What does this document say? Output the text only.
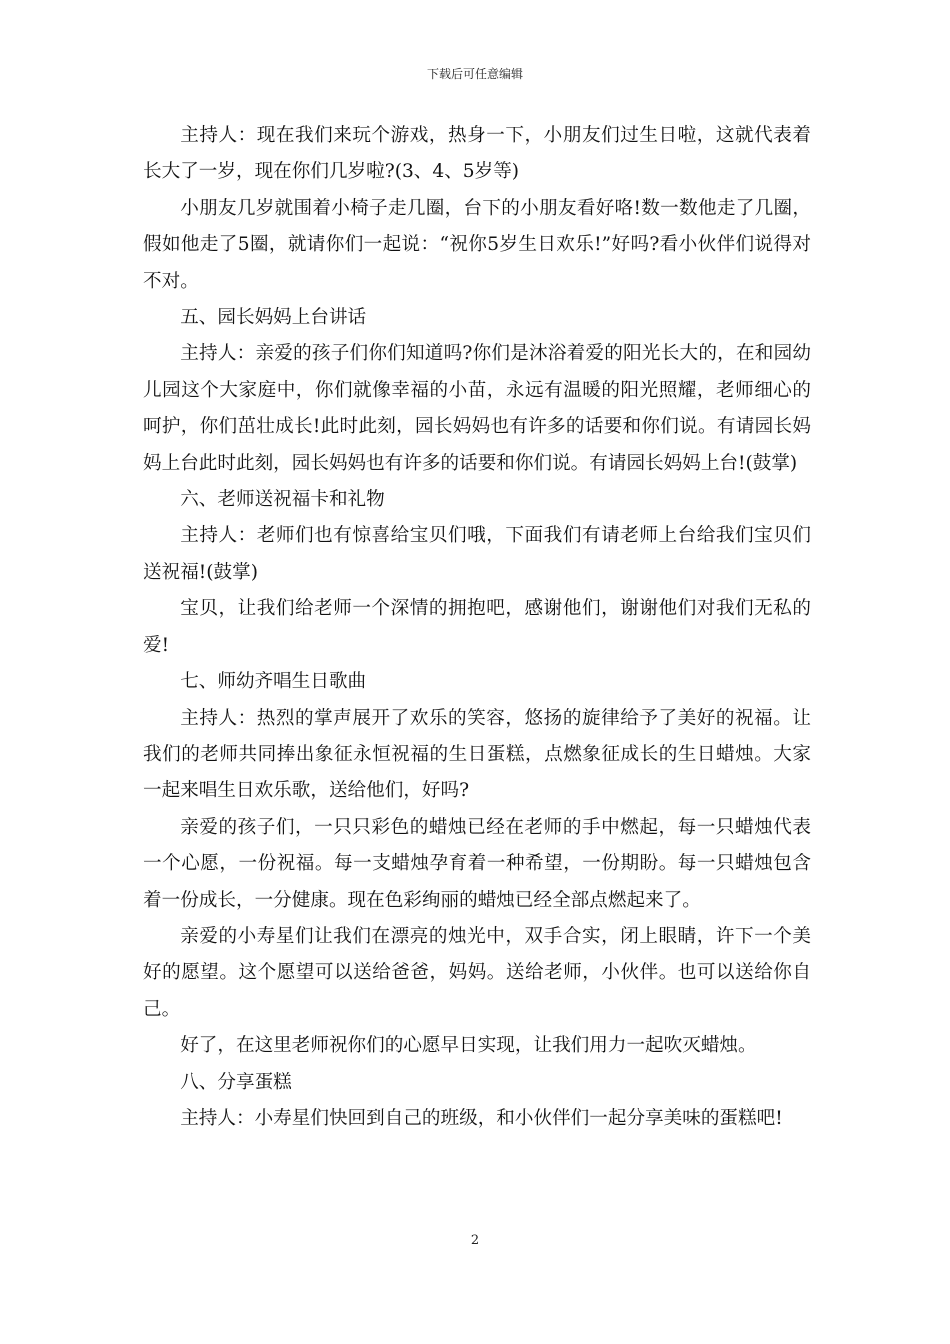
下载后可任意编辑

主持人：现在我们来玩个游戏，热身一下，小朋友们过生日啦，这就代表着长大了一岁，现在你们几岁啦?(3、4、5岁等)

小朋友几岁就围着小椅子走几圈，台下的小朋友看好咯!数一数他走了几圈，假如他走了5圈，就请你们一起说：“祝你5岁生日欢乐!”好吗?看小伙伴们说得对不对。

五、园长妈妈上台讲话

主持人：亲爱的孩子们你们知道吗?你们是沐浴着爱的阳光长大的，在和园幼儿园这个大家庭中，你们就像幸福的小苗，永远有温暖的阳光照耀，老师细心的呵护，你们茁壮成长!此时此刻，园长妈妈也有许多的话要和你们说。有请园长妈妈上台此时此刻，园长妈妈也有许多的话要和你们说。有请园长妈妈上台!(鼓掌)

六、老师送祝福卡和礼物

主持人：老师们也有惊喜给宝贝们哦，下面我们有请老师上台给我们宝贝们送祝福!(鼓掌)

宝贝，让我们给老师一个深情的拥抱吧，感谢他们，谢谢他们对我们无私的爱!

七、师幼齐唱生日歌曲

主持人：热烈的掌声展开了欢乐的笑容，悠扬的旋律给予了美好的祝福。让我们的老师共同捧出象征永恒祝福的生日蛋糕，点燃象征成长的生日蜡烛。大家一起来唱生日欢乐歌，送给他们，好吗?

亲爱的孩子们，一只只彩色的蜡烛已经在老师的手中燃起，每一只蜡烛代表一个心愿，一份祝福。每一支蜡烛孕育着一种希望，一份期盼。每一只蜡烛包含着一份成长，一分健康。现在色彩绚丽的蜡烛已经全部点燃起来了。

亲爱的小寿星们让我们在漂亮的烛光中，双手合实，闭上眼睛，许下一个美好的愿望。这个愿望可以送给爸爸，妈妈。送给老师，小伙伴。也可以送给你自己。

好了，在这里老师祝你们的心愿早日实现，让我们用力一起吹灭蜡烛。

八、分享蛋糕

主持人：小寿星们快回到自己的班级，和小伙伴们一起分享美味的蛋糕吧!

2
